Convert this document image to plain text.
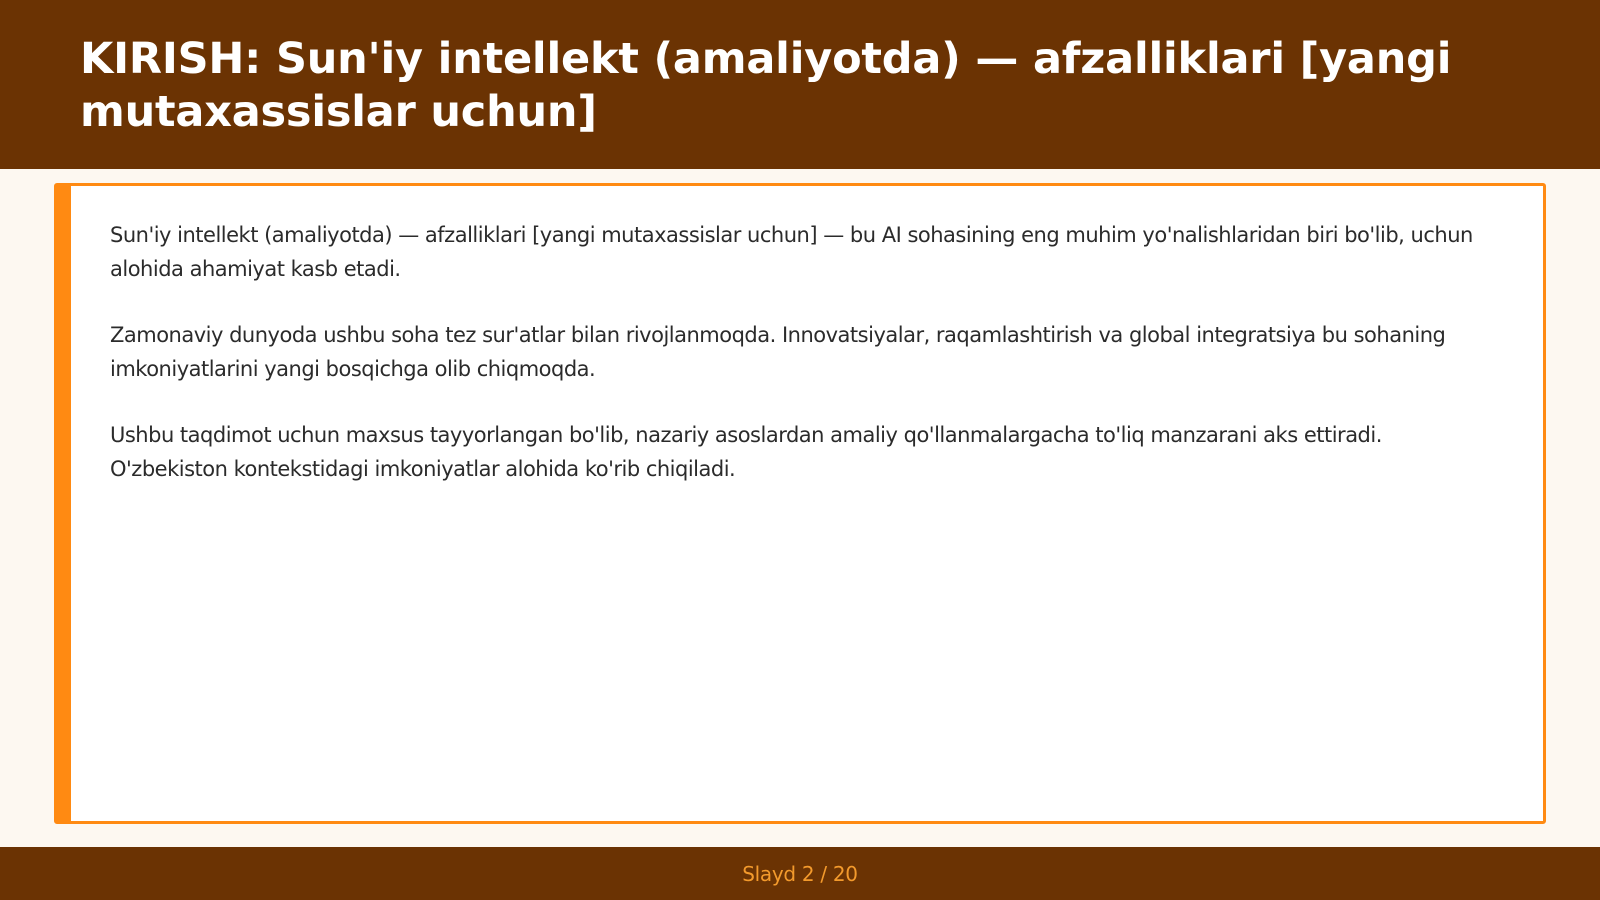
KIRISH: Sun'iy intellekt (amaliyotda) — afzalliklari [yangi mutaxassislar uchun]

Sun'iy intellekt (amaliyotda) — afzalliklari [yangi mutaxassislar uchun] — bu AI sohasining eng muhim yo'nalishlaridan biri bo'lib, uchun alohida ahamiyat kasb etadi.

Zamonaviy dunyoda ushbu soha tez sur'atlar bilan rivojlanmoqda. Innovatsiyalar, raqamlashtirish va global integratsiya bu sohaning imkoniyatlarini yangi bosqichga olib chiqmoqda.

Ushbu taqdimot uchun maxsus tayyorlangan bo'lib, nazariy asoslardan amaliy qo'llanmalargacha to'liq manzarani aks ettiradi. O'zbekiston kontekstidagi imkoniyatlar alohida ko'rib chiqiladi.

Slayd 2 / 20
